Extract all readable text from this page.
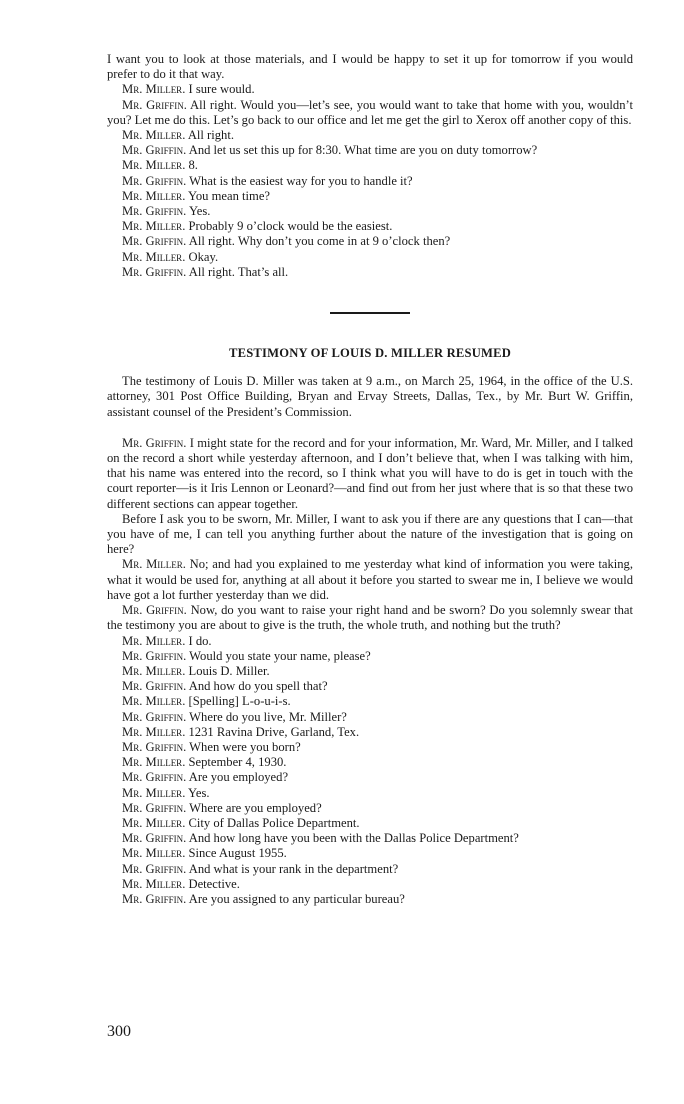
I want you to look at those materials, and I would be happy to set it up for tomorrow if you would prefer to do it that way.

Mr. Miller. I sure would.

Mr. Griffin. All right. Would you—let’s see, you would want to take that home with you, wouldn’t you? Let me do this. Let’s go back to our office and let me get the girl to Xerox off another copy of this.

Mr. Miller. All right.

Mr. Griffin. And let us set this up for 8:30. What time are you on duty tomorrow?

Mr. Miller. 8.

Mr. Griffin. What is the easiest way for you to handle it?

Mr. Miller. You mean time?

Mr. Griffin. Yes.

Mr. Miller. Probably 9 o’clock would be the easiest.

Mr. Griffin. All right. Why don’t you come in at 9 o’clock then?

Mr. Miller. Okay.

Mr. Griffin. All right. That’s all.

TESTIMONY OF LOUIS D. MILLER RESUMED

The testimony of Louis D. Miller was taken at 9 a.m., on March 25, 1964, in the office of the U.S. attorney, 301 Post Office Building, Bryan and Ervay Streets, Dallas, Tex., by Mr. Burt W. Griffin, assistant counsel of the President’s Commission.

Mr. Griffin. I might state for the record and for your information, Mr. Ward, Mr. Miller, and I talked on the record a short while yesterday afternoon, and I don’t believe that, when I was talking with him, that his name was entered into the record, so I think what you will have to do is get in touch with the court reporter—is it Iris Lennon or Leonard?—and find out from her just where that is so that these two different sections can appear together.

Before I ask you to be sworn, Mr. Miller, I want to ask you if there are any questions that I can—that you have of me, I can tell you anything further about the nature of the investigation that is going on here?

Mr. Miller. No; and had you explained to me yesterday what kind of information you were taking, what it would be used for, anything at all about it before you started to swear me in, I believe we would have got a lot further yesterday than we did.

Mr. Griffin. Now, do you want to raise your right hand and be sworn? Do you solemnly swear that the testimony you are about to give is the truth, the whole truth, and nothing but the truth?

Mr. Miller. I do.

Mr. Griffin. Would you state your name, please?

Mr. Miller. Louis D. Miller.

Mr. Griffin. And how do you spell that?

Mr. Miller. [Spelling] L-o-u-i-s.

Mr. Griffin. Where do you live, Mr. Miller?

Mr. Miller. 1231 Ravina Drive, Garland, Tex.

Mr. Griffin. When were you born?

Mr. Miller. September 4, 1930.

Mr. Griffin. Are you employed?

Mr. Miller. Yes.

Mr. Griffin. Where are you employed?

Mr. Miller. City of Dallas Police Department.

Mr. Griffin. And how long have you been with the Dallas Police Department?

Mr. Miller. Since August 1955.

Mr. Griffin. And what is your rank in the department?

Mr. Miller. Detective.

Mr. Griffin. Are you assigned to any particular bureau?

300
